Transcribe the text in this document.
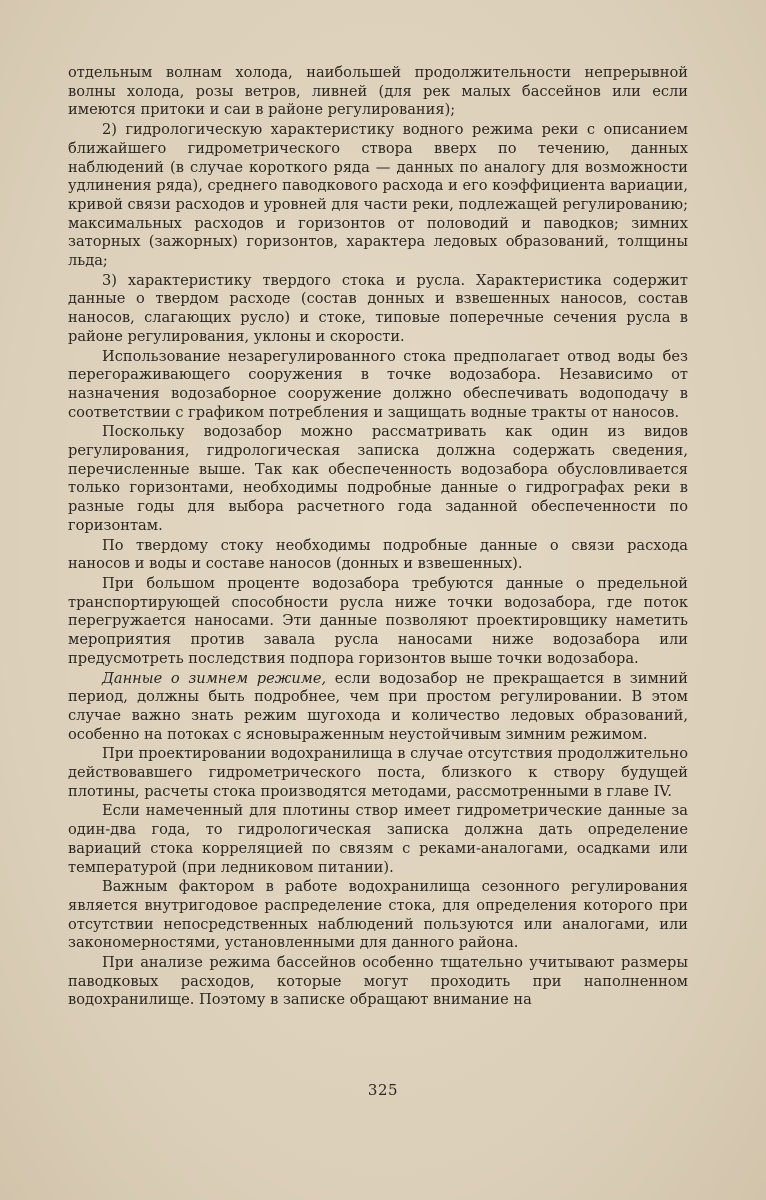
отдельным волнам холода, наибольшей продолжительности непрерывной волны холода, розы ветров, ливней (для рек малых бассейнов или если имеются притоки и саи в районе регулирования);

2) гидрологическую характеристику водного режима реки с описанием ближайшего гидрометрического створа вверх по течению, данных наблюдений (в случае короткого ряда — данных по аналогу для возможности удлинения ряда), среднего паводкового расхода и его коэффициента вариации, кривой связи расходов и уровней для части реки, подлежащей регулированию; максимальных расходов и горизонтов от половодий и паводков; зимних заторных (зажорных) горизонтов, характера ледовых образований, толщины льда;

3) характеристику твердого стока и русла. Характеристика содержит данные о твердом расходе (состав донных и взвешенных наносов, состав наносов, слагающих русло) и стоке, типовые поперечные сечения русла в районе регулирования, уклоны и скорости.

Использование незарегулированного стока предполагает отвод воды без перегораживающего сооружения в точке водозабора. Независимо от назначения водозаборное сооружение должно обеспечивать водоподачу в соответствии с графиком потребления и защищать водные тракты от наносов.

Поскольку водозабор можно рассматривать как один из видов регулирования, гидрологическая записка должна содержать сведения, перечисленные выше. Так как обеспеченность водозабора обусловливается только горизонтами, необходимы подробные данные о гидрографах реки в разные годы для выбора расчетного года заданной обеспеченности по горизонтам.

По твердому стоку необходимы подробные данные о связи расхода наносов и воды и составе наносов (донных и взвешенных).

При большом проценте водозабора требуются данные о предельной транспортирующей способности русла ниже точки водозабора, где поток перегружается наносами. Эти данные позволяют проектировщику наметить мероприятия против завала русла наносами ниже водозабора или предусмотреть последствия подпора горизонтов выше точки водозабора.

Данные о зимнем режиме, если водозабор не прекращается в зимний период, должны быть подробнее, чем при простом регулировании. В этом случае важно знать режим шугохода и количество ледовых образований, особенно на потоках с ясновыраженным неустойчивым зимним режимом.

При проектировании водохранилища в случае отсутствия продолжительно действовавшего гидрометрического поста, близкого к створу будущей плотины, расчеты стока производятся методами, рассмотренными в главе IV.

Если намеченный для плотины створ имеет гидрометрические данные за один-два года, то гидрологическая записка должна дать определение вариаций стока корреляцией по связям с реками-аналогами, осадками или температурой (при ледниковом питании).

Важным фактором в работе водохранилища сезонного регулирования является внутригодовое распределение стока, для определения которого при отсутствии непосредственных наблюдений пользуются или аналогами, или закономерностями, установленными для данного района.

При анализе режима бассейнов особенно тщательно учитывают размеры паводковых расходов, которые могут проходить при наполненном водохранилище. Поэтому в записке обращают внимание на

325
